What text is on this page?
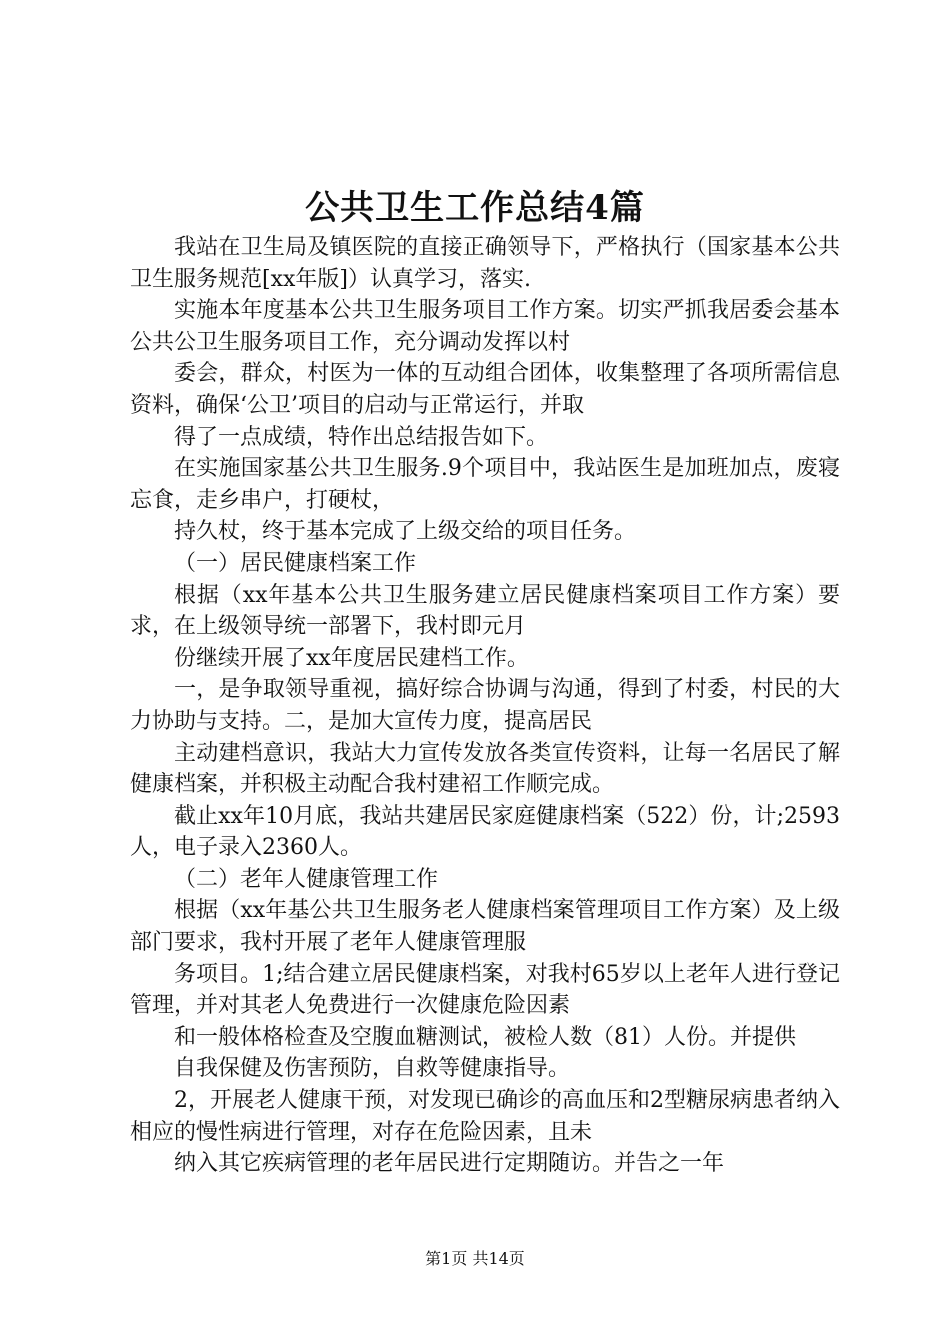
公共卫生工作总结4篇

我站在卫生局及镇医院的直接正确领导下，严格执行（国家基本公共卫生服务规范[xx年版]）认真学习，落实.

实施本年度基本公共卫生服务项目工作方案。切实严抓我居委会基本公共公卫生服务项目工作，充分调动发挥以村

委会，群众，村医为一体的互动组合团体，收集整理了各项所需信息资料，确保‘公卫’项目的启动与正常运行，并取

得了一点成绩，特作出总结报告如下。

在实施国家基公共卫生服务.9个项目中，我站医生是加班加点，废寝忘食，走乡串户，打硬杖，

持久杖，终于基本完成了上级交给的项目任务。

（一）居民健康档案工作

根据（xx年基本公共卫生服务建立居民健康档案项目工作方案）要求，在上级领导统一部署下，我村即元月

份继续开展了xx年度居民建档工作。

一，是争取领导重视，搞好综合协调与沟通，得到了村委，村民的大力协助与支持。二，是加大宣传力度，提高居民

主动建档意识，我站大力宣传发放各类宣传资料，让每一名居民了解健康档案，并积极主动配合我村建袑工作顺完成。

截止xx年10月底，我站共建居民家庭健康档案（522）份，计;2593人，电子录入2360人。

（二）老年人健康管理工作

根据（xx年基公共卫生服务老人健康档案管理项目工作方案）及上级部门要求，我村开展了老年人健康管理服

务项目。1;结合建立居民健康档案，对我村65岁以上老年人进行登记管理，并对其老人免费进行一次健康危险因素

和一般体格检查及空腹血糖测试，被检人数（81）人份。并提供

自我保健及伤害预防，自救等健康指导。

2，开展老人健康干预，对发现已确诊的高血压和2型糖尿病患者纳入相应的慢性病进行管理，对存在危险因素，且未

纳入其它疾病管理的老年居民进行定期随访。并告之一年

第1页 共14页
